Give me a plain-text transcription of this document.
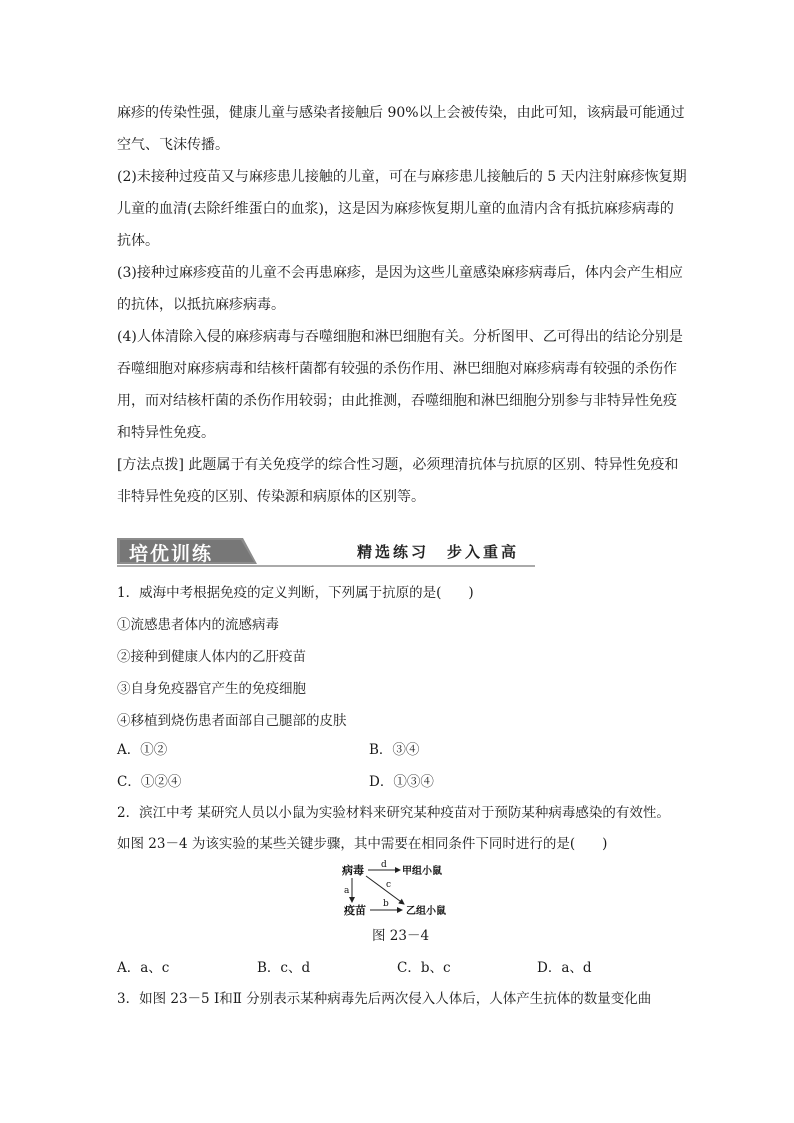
麻疹的传染性强，健康儿童与感染者接触后 90%以上会被传染，由此可知，该病最可能通过
空气、飞沫传播。
(2)未接种过疫苗又与麻疹患儿接触的儿童，可在与麻疹患儿接触后的 5 天内注射麻疹恢复期
儿童的血清(去除纤维蛋白的血浆)，这是因为麻疹恢复期儿童的血清内含有抵抗麻疹病毒的
抗体。
(3)接种过麻疹疫苗的儿童不会再患麻疹，是因为这些儿童感染麻疹病毒后，体内会产生相应
的抗体，以抵抗麻疹病毒。
(4)人体清除入侵的麻疹病毒与吞噬细胞和淋巴细胞有关。分析图甲、乙可得出的结论分别是
吞噬细胞对麻疹病毒和结核杆菌都有较强的杀伤作用、淋巴细胞对麻疹病毒有较强的杀伤作
用，而对结核杆菌的杀伤作用较弱；由此推测，吞噬细胞和淋巴细胞分别参与非特异性免疫
和特异性免疫。
[方法点拨] 此题属于有关免疫学的综合性习题，必须理清抗体与抗原的区别、特异性免疫和
非特异性免疫的区别、传染源和病原体的区别等。
培优训练	精选练习　步入重高
1．威海中考根据免疫的定义判断，下列属于抗原的是(　　)
①流感患者体内的流感病毒
②接种到健康人体内的乙肝疫苗
③自身免疫器官产生的免疫细胞
④移植到烧伤患者面部自己腿部的皮肤
A．①②	B．③④
C．①②④	D．①③④
2．滨江中考 某研究人员以小鼠为实验材料来研究某种疫苗对于预防某种病毒感染的有效性。
如图 23－4 为该实验的某些关键步骤，其中需要在相同条件下同时进行的是(　　)
病毒
疫苗
甲组小鼠
乙组小鼠
d
a
c
b
图 23－4
A．a、c	B．c、d	C．b、c	D．a、d
3．如图 23－5 Ⅰ和Ⅱ 分别表示某种病毒先后两次侵入人体后，人体产生抗体的数量变化曲
